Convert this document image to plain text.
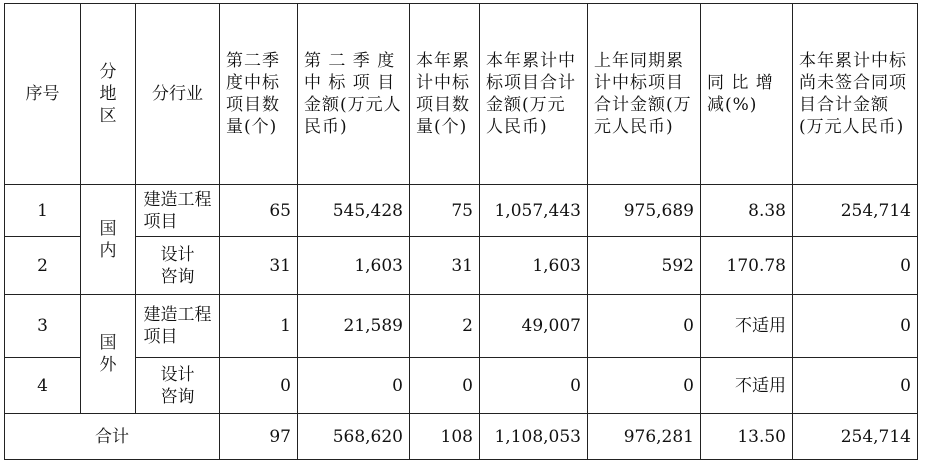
序号	分地区	分行业	第二季度中标项目数量(个)	第 二 季 度中 标 项 目金额(万元人民币)	本年累计中标项目数量(个)	本年累计中标项目合计金额(万元人民币)	上年同期累计中标项目合计金额(万元人民币)	同 比 增减(%)	本年累计中标尚未签合同项目合计金额(万元人民币)
1	国内	建造工程项目	65	545,428	75	1,057,443	975,689	8.38	254,714
2		设计咨询	31	1,603	31	1,603	592	170.78	0
3	国外	建造工程项目	1	21,589	2	49,007	0	不适用	0
4		设计咨询	0	0	0	0	0	不适用	0
合计			97	568,620	108	1,108,053	976,281	13.50	254,714
